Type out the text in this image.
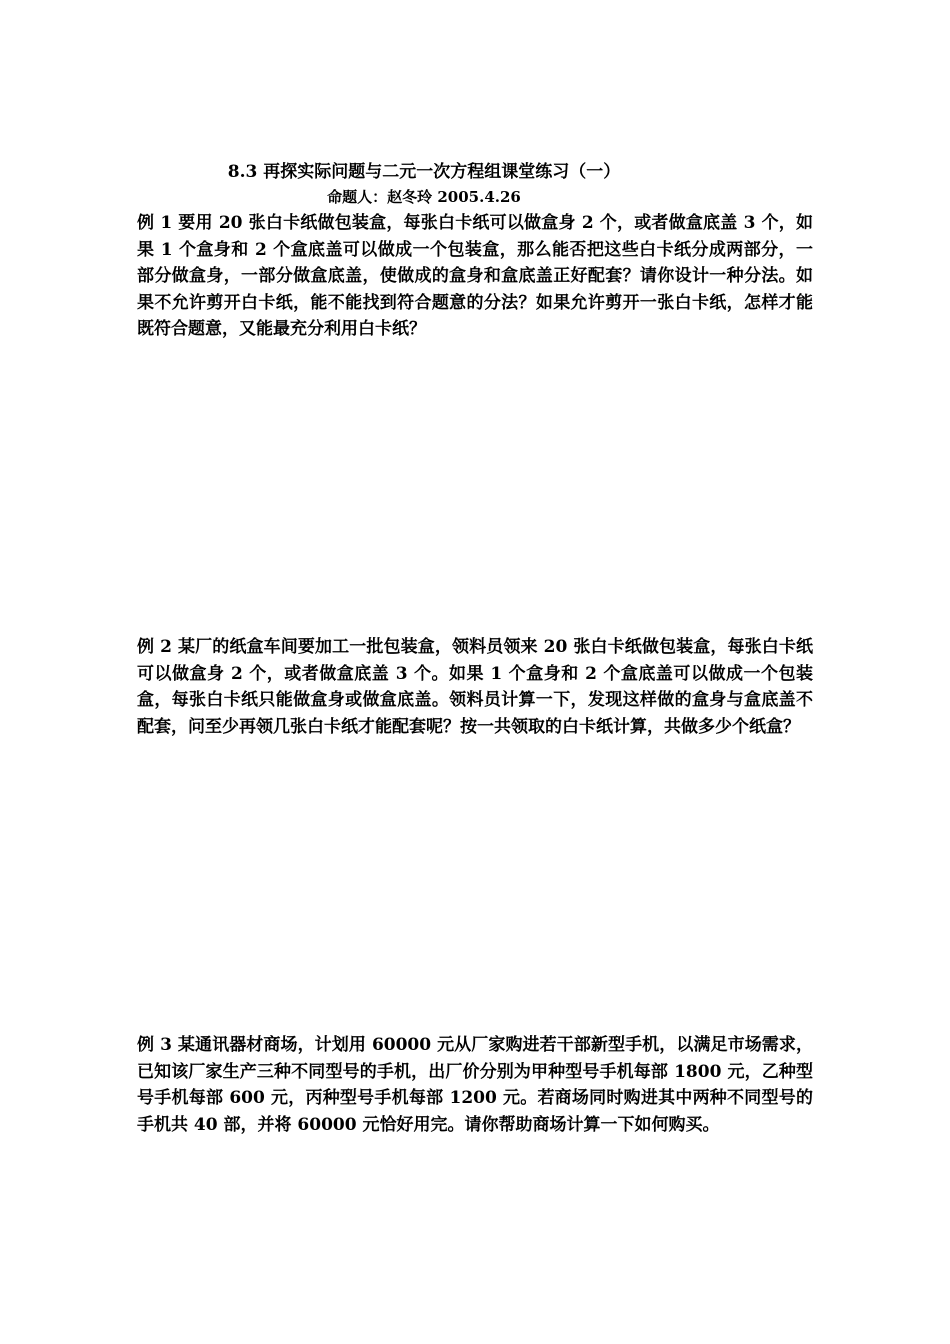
8.3 再探实际问题与二元一次方程组课堂练习（一）
命题人：赵冬玲 2005.4.26
例 1 要用 20 张白卡纸做包装盒，每张白卡纸可以做盒身 2 个，或者做盒底盖 3 个，如果 1 个盒身和 2 个盒底盖可以做成一个包装盒，那么能否把这些白卡纸分成两部分，一部分做盒身，一部分做盒底盖，使做成的盒身和盒底盖正好配套？请你设计一种分法。如果不允许剪开白卡纸，能不能找到符合题意的分法？如果允许剪开一张白卡纸，怎样才能既符合题意，又能最充分利用白卡纸？
例 2 某厂的纸盒车间要加工一批包装盒，领料员领来 20 张白卡纸做包装盒，每张白卡纸可以做盒身 2 个，或者做盒底盖 3 个。如果 1 个盒身和 2 个盒底盖可以做成一个包装盒，每张白卡纸只能做盒身或做盒底盖。领料员计算一下，发现这样做的盒身与盒底盖不配套，问至少再领几张白卡纸才能配套呢？按一共领取的白卡纸计算，共做多少个纸盒？
例 3 某通讯器材商场，计划用 60000 元从厂家购进若干部新型手机，以满足市场需求，已知该厂家生产三种不同型号的手机，出厂价分别为甲种型号手机每部 1800 元，乙种型号手机每部 600 元，丙种型号手机每部 1200 元。若商场同时购进其中两种不同型号的手机共 40 部，并将 60000 元恰好用完。请你帮助商场计算一下如何购买。
